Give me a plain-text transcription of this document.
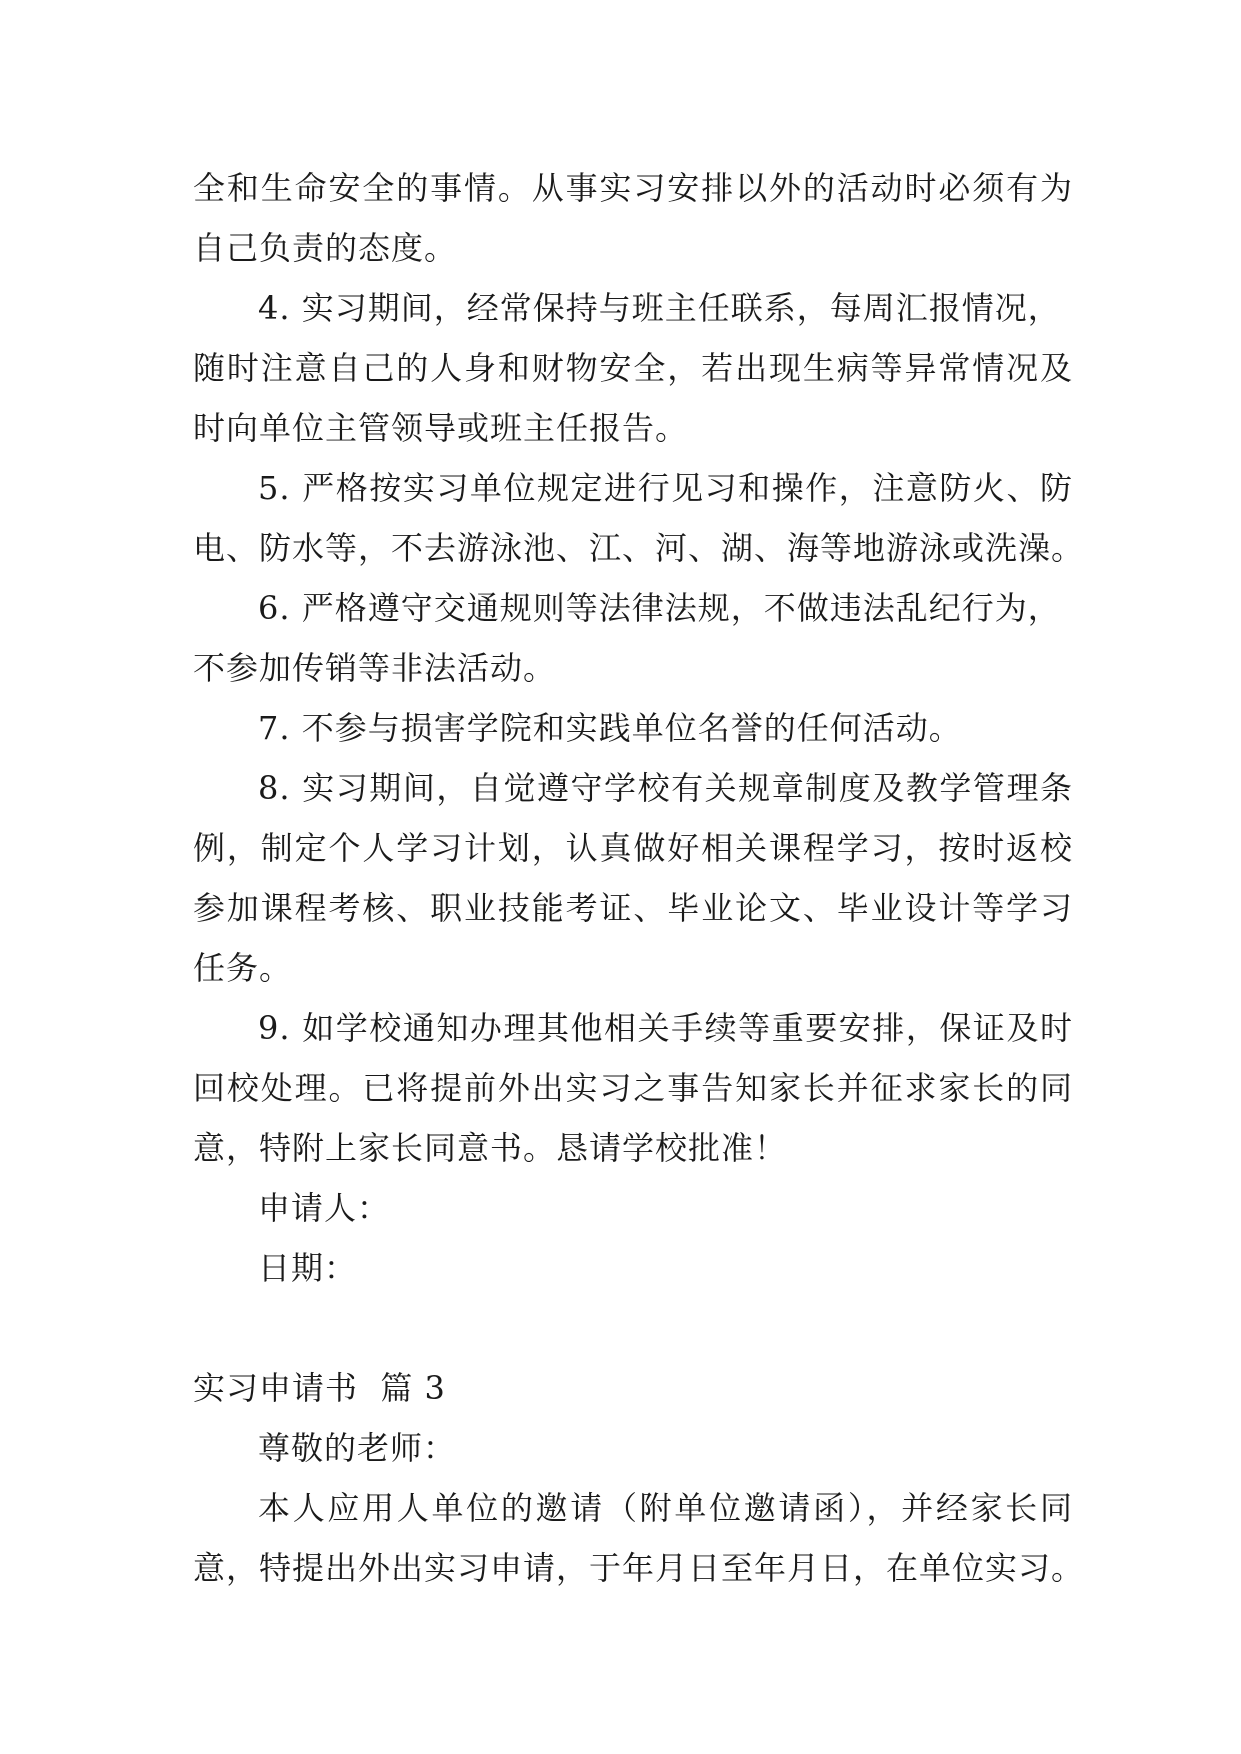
全和生命安全的事情。从事实习安排以外的活动时必须有为
自己负责的态度。
4. 实习期间，经常保持与班主任联系，每周汇报情况，
随时注意自己的人身和财物安全，若出现生病等异常情况及
时向单位主管领导或班主任报告。
5. 严格按实习单位规定进行见习和操作，注意防火、防
电、防水等，不去游泳池、江、河、湖、海等地游泳或洗澡。
6. 严格遵守交通规则等法律法规，不做违法乱纪行为，
不参加传销等非法活动。
7. 不参与损害学院和实践单位名誉的任何活动。
8. 实习期间，自觉遵守学校有关规章制度及教学管理条
例，制定个人学习计划，认真做好相关课程学习，按时返校
参加课程考核、职业技能考证、毕业论文、毕业设计等学习
任务。
9. 如学校通知办理其他相关手续等重要安排，保证及时
回校处理。已将提前外出实习之事告知家长并征求家长的同
意，特附上家长同意书。恳请学校批准！
申请人：
日期：
实习申请书  篇 3
尊敬的老师：
本人应用人单位的邀请（附单位邀请函），并经家长同
意，特提出外出实习申请，于年月日至年月日，在单位实习。
